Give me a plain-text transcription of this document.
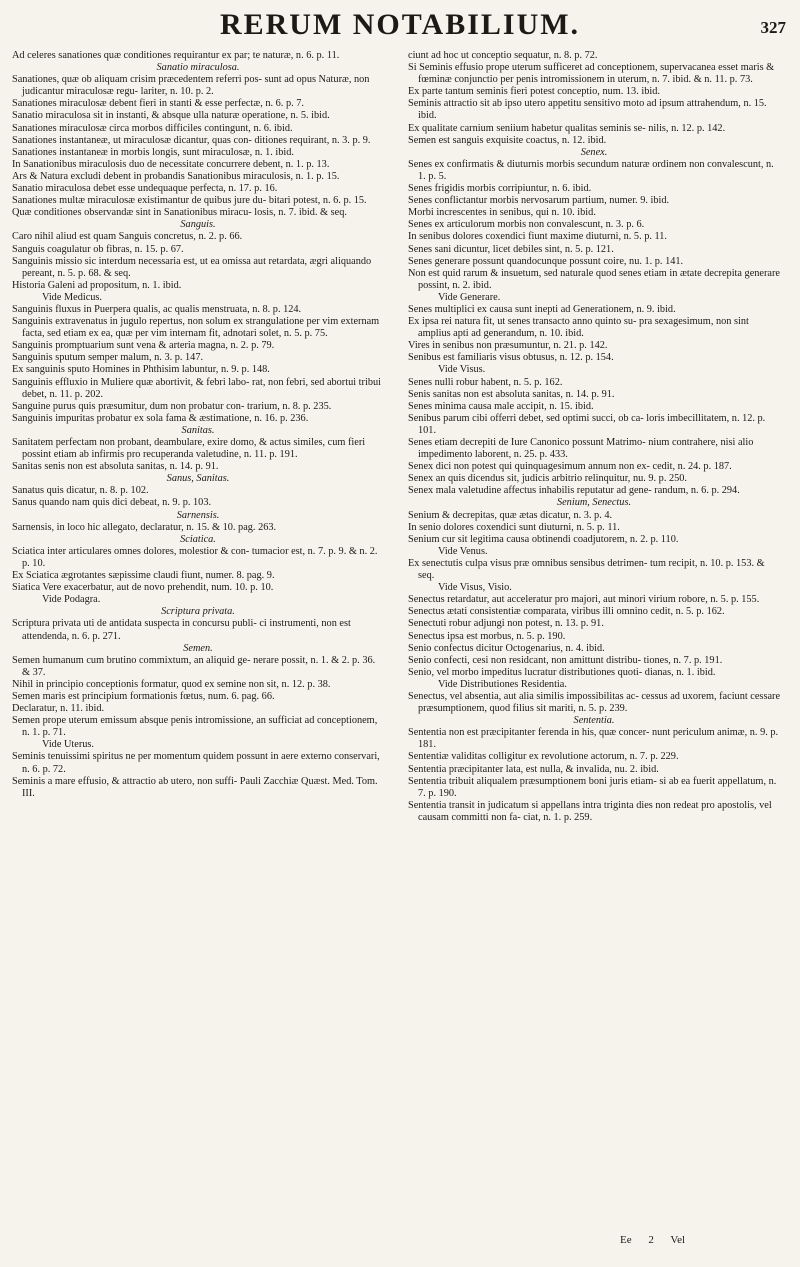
RERUM NOTABILIUM.	327

Ad celeres sanationes quæ conditiones requirantur ex par; te naturæ, n. 6. p. 11.

Sanatio miraculosa.

Sanationes, quæ ob aliquam crisim præcedentem referri pos- sunt ad opus Naturæ, non judicantur miraculosæ regu- lariter, n. 10. p. 2.

Sanationes miraculosæ debent fieri in stanti & esse perfectæ, n. 6. p. 7.

Sanatio miraculosa sit in instanti, & absque ulla naturæ operatione, n. 5. ibid.

Sanationes miraculosæ circa morbos difficiles contingunt, n. 6. ibid.

Sanationes instantaneæ, ut miraculosæ dicantur, quas con- ditiones requirant, n. 3. p. 9.

Sanationes instantaneæ in morbis longis, sunt miraculosæ, n. 1. ibid.

In Sanationibus miraculosis duo de necessitate concurrere debent, n. 1. p. 13.

Ars & Natura excludi debent in probandis Sanationibus miraculosis, n. 1. p. 15.

Sanatio miraculosa debet esse undequaque perfecta, n. 17. p. 16.

Sanationes multæ miraculosæ existimantur de quibus jure du- bitari potest, n. 6. p. 15.

Quæ conditiones observandæ sint in Sanationibus miracu- losis, n. 7. ibid. & seq.

Sanguis.

Caro nihil aliud est quam Sanguis concretus, n. 2. p. 66.

Sanguis coagulatur ob fibras, n. 15. p. 67.

Sanguinis missio sic interdum necessaria est, ut ea omissa aut retardata, ægri aliquando pereant, n. 5. p. 68. & seq.

Historia Galeni ad propositum, n. 1. ibid.

Vide Medicus.

Sanguinis fluxus in Puerpera qualis, ac qualis menstruata, n. 8. p. 124.

Sanguinis extravenatus in jugulo repertus, non solum ex strangulatione per vim externam facta, sed etiam ex ea, quæ per vim internam fit, adnotari solet, n. 5. p. 75.

Sanguinis promptuarium sunt vena & arteria magna, n. 2. p. 79.

Sanguinis sputum semper malum, n. 3. p. 147.

Ex sanguinis sputo Homines in Phthisim labuntur, n. 9. p. 148.

Sanguinis effluxio in Muliere quæ abortivit, & febri labo- rat, non febri, sed abortui tribui debet, n. 11. p. 202.

Sanguine purus quis præsumitur, dum non probatur con- trarium, n. 8. p. 235.

Sanguinis impuritas probatur ex sola fama & æstimatione, n. 16. p. 236.

Sanitas.

Sanitatem perfectam non probant, deambulare, exire domo, & actus similes, cum fieri possint etiam ab infirmis pro recuperanda valetudine, n. 11. p. 191.

Sanitas senis non est absoluta sanitas, n. 14. p. 91.

Sanus, Sanitas.

Sanatus quis dicatur, n. 8. p. 102.

Sanus quando nam quis dici debeat, n. 9. p. 103.

Sarnensis.

Sarnensis, in loco hic allegato, declaratur, n. 15. & 10. pag. 263.

Sciatica.

Sciatica inter articulares omnes dolores, molestior & con- tumacior est, n. 7. p. 9. & n. 2. p. 10.

Ex Sciatica ægrotantes sæpissime claudi fiunt, numer. 8. pag. 9.

Siatica Vere exacerbatur, aut de novo prehendit, num. 10. p. 10.

Vide Podagra.

Scriptura privata.

Scriptura privata uti de antidata suspecta in concursu publi- ci instrumenti, non est attendenda, n. 6. p. 271.

Semen.

Semen humanum cum brutino commixtum, an aliquid ge- nerare possit, n. 1. & 2. p. 36. & 37.

Nihil in principio conceptionis formatur, quod ex semine non sit, n. 12. p. 38.

Semen maris est principium formationis fœtus, num. 6. pag. 66.

Declaratur, n. 11. ibid.

Semen prope uterum emissum absque penis intromissione, an sufficiat ad conceptionem, n. 1. p. 71.

Vide Uterus.

Seminis tenuissimi spiritus ne per momentum quidem possunt in aere externo conservari, n. 6. p. 72.

Seminis a mare effusio, & attractio ab utero, non suffi- Pauli Zacchiæ Quæst. Med. Tom. III.

ciunt ad hoc ut conceptio sequatur, n. 8. p. 72.

Si Seminis effusio prope uterum sufficeret ad conceptionem, supervacanea esset maris & fœminæ conjunctio per penis intromissionem in uterum, n. 7. ibid. & n. 11. p. 73.

Ex parte tantum seminis fieri potest conceptio, num. 13. ibid.

Seminis attractio sit ab ipso utero appetitu sensitivo moto ad ipsum attrahendum, n. 15. ibid.

Ex qualitate carnium seniium habetur qualitas seminis se- nilis, n. 12. p. 142.

Semen est sanguis exquisite coactus, n. 12. ibid.

Senex.

Senes ex confirmatis & diuturnis morbis secundum naturæ ordinem non convalescunt, n. 1. p. 5.

Senes frigidis morbis corripiuntur, n. 6. ibid.

Senes conflictantur morbis nervosarum partium, numer. 9. ibid.

Morbi increscentes in senibus, qui n. 10. ibid.

Senes ex articulorum morbis non convalescunt, n. 3. p. 6.

In senibus dolores coxendici fiunt maxime diuturni, n. 5. p. 11.

Senes sani dicuntur, licet debiles sint, n. 5. p. 121.

Senes generare possunt quandocunque possunt coire, nu. 1. p. 141.

Non est quid rarum & insuetum, sed naturale quod senes etiam in ætate decrepita generare possint, n. 2. ibid.

Vide Generare.

Senes multiplici ex causa sunt inepti ad Generationem, n. 9. ibid.

Ex ipsa rei natura fit, ut senes transacto anno quinto su- pra sexagesimum, non sint amplius apti ad generandum, n. 10. ibid.

Vires in senibus non præsumuntur, n. 21. p. 142.

Senibus est familiaris visus obtusus, n. 12. p. 154.

Vide Visus.

Senes nulli robur habent, n. 5. p. 162.

Senis sanitas non est absoluta sanitas, n. 14. p. 91.

Senes minima causa male accipit, n. 15. ibid.

Senibus parum cibi offerri debet, sed optimi succi, ob ca- loris imbecillitatem, n. 12. p. 101.

Senes etiam decrepiti de Iure Canonico possunt Matrimo- nium contrahere, nisi alio impedimento laborent, n. 25. p. 433.

Senex dici non potest qui quinquagesimum annum non ex- cedit, n. 24. p. 187.

Senex an quis dicendus sit, judicis arbitrio relinquitur, nu. 9. p. 250.

Senex mala valetudine affectus inhabilis reputatur ad gene- randum, n. 6. p. 294.

Senium, Senectus.

Senium & decrepitas, quæ ætas dicatur, n. 3. p. 4.

In senio dolores coxendici sunt diuturni, n. 5. p. 11.

Senium cur sit legitima causa obtinendi coadjutorem, n. 2. p. 110.

Vide Venus.

Ex senectutis culpa visus præ omnibus sensibus detrimen- tum recipit, n. 10. p. 153. & seq.

Vide Visus, Visio.

Senectus retardatur, aut acceleratur pro majori, aut minori virium robore, n. 5. p. 155.

Senectus ætati consistentiæ comparata, viribus illi omnino cedit, n. 5. p. 162.

Senectuti robur adjungi non potest, n. 13. p. 91.

Senectus ipsa est morbus, n. 5. p. 190.

Senio confectus dicitur Octogenarius, n. 4. ibid.

Senio confecti, cesi non residcant, non amittunt distribu- tiones, n. 7. p. 191.

Senio, vel morbo impeditus lucratur distributiones quoti- dianas, n. 1. ibid.

Vide Distributiones Residentia.

Senectus, vel absentia, aut alia similis impossibilitas ac- cessus ad uxorem, faciunt cessare præsumptionem, quod filius sit mariti, n. 5. p. 239.

Sententia.

Sententia non est præcipitanter ferenda in his, quæ concer- nunt periculum animæ, n. 9. p. 181.

Sententiæ validitas colligitur ex revolutione actorum, n. 7. p. 229.

Sententia præcipitanter lata, est nulla, & invalida, nu. 2. ibid.

Sententia tribuit aliqualem præsumptionem boni juris etiam- si ab ea fuerit appellatum, n. 7. p. 190.

Sententia transit in judicatum si appellans intra triginta dies non redeat pro apostolis, vel causam committi non fa- ciat, n. 1. p. 259.

Ee 2 Vel
